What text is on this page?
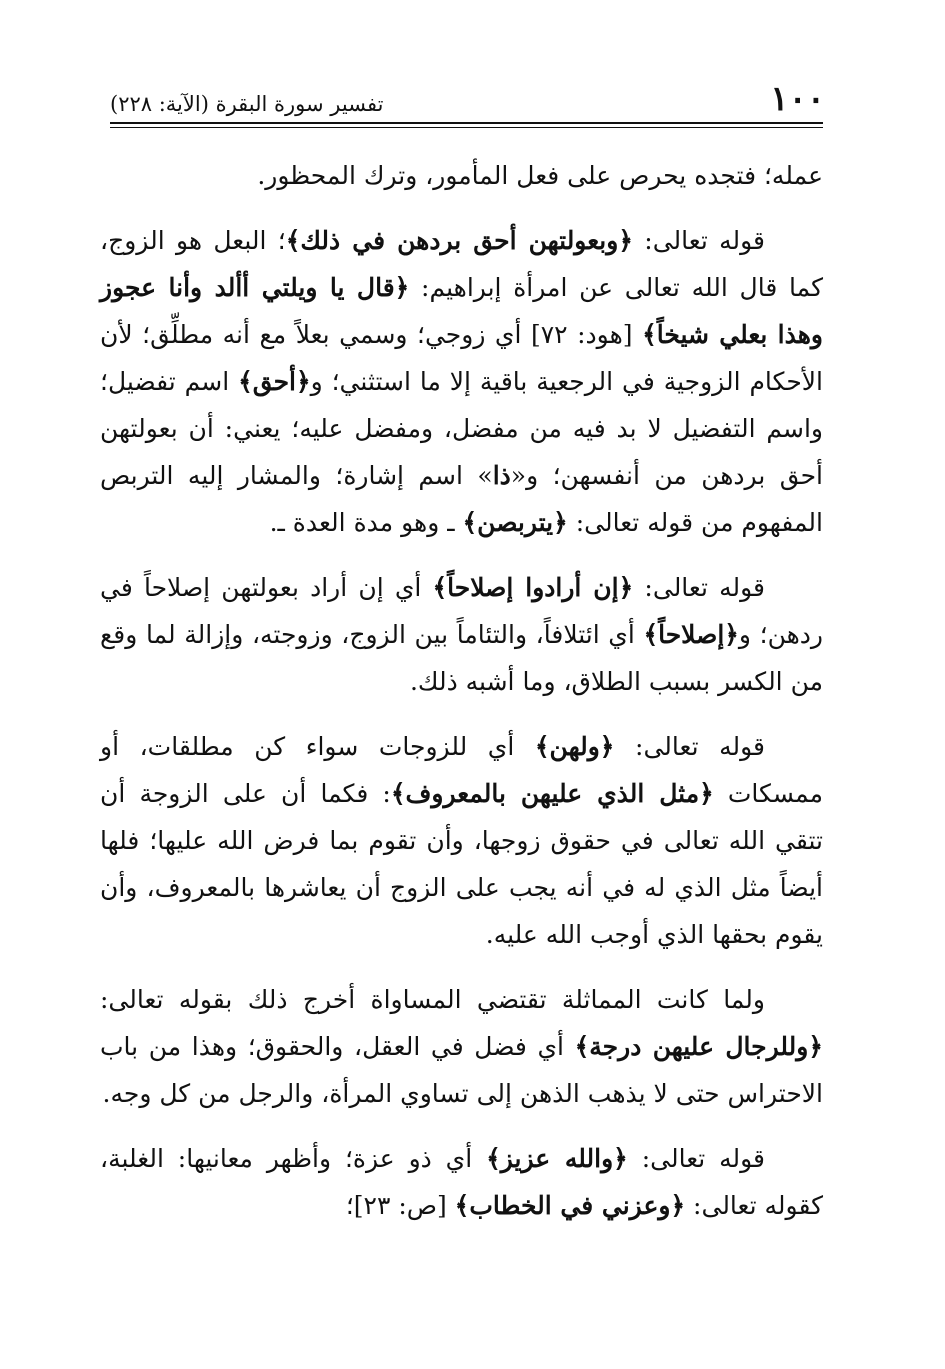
١٠٠
تفسير سورة البقرة (الآية: ٢٢٨)

عمله؛ فتجده يحرص على فعل المأمور، وترك المحظور.

قوله تعالى: ﴿وبعولتهن أحق بردهن في ذلك﴾؛ البعل هو الزوج، كما قال الله تعالى عن امرأة إبراهيم: ﴿قال يا ويلتي أألد وأنا عجوز وهذا بعلي شيخاً﴾ [هود: ٧٢] أي زوجي؛ وسمي بعلاً مع أنه مطلِّق؛ لأن الأحكام الزوجية في الرجعية باقية إلا ما استثني؛ و﴿أحق﴾ اسم تفضيل؛ واسم التفضيل لا بد فيه من مفضل، ومفضل عليه؛ يعني: أن بعولتهن أحق بردهن من أنفسهن؛ و«ذا» اسم إشارة؛ والمشار إليه التربص المفهوم من قوله تعالى: ﴿يتربصن﴾ ـ وهو مدة العدة ـ.

قوله تعالى: ﴿إن أرادوا إصلاحاً﴾ أي إن أراد بعولتهن إصلاحاً في ردهن؛ و﴿إصلاحاً﴾ أي ائتلافاً، والتئاماً بين الزوج، وزوجته، وإزالة لما وقع من الكسر بسبب الطلاق، وما أشبه ذلك.

قوله تعالى: ﴿ولهن﴾ أي للزوجات سواء كن مطلقات، أو ممسكات ﴿مثل الذي عليهن بالمعروف﴾: فكما أن على الزوجة أن تتقي الله تعالى في حقوق زوجها، وأن تقوم بما فرض الله عليها؛ فلها أيضاً مثل الذي له في أنه يجب على الزوج أن يعاشرها بالمعروف، وأن يقوم بحقها الذي أوجب الله عليه.

ولما كانت المماثلة تقتضي المساواة أخرج ذلك بقوله تعالى: ﴿وللرجال عليهن درجة﴾ أي فضل في العقل، والحقوق؛ وهذا من باب الاحتراس حتى لا يذهب الذهن إلى تساوي المرأة، والرجل من كل وجه.

قوله تعالى: ﴿والله عزيز﴾ أي ذو عزة؛ وأظهر معانيها: الغلبة، كقوله تعالى: ﴿وعزني في الخطاب﴾ [ص: ٢٣]؛
